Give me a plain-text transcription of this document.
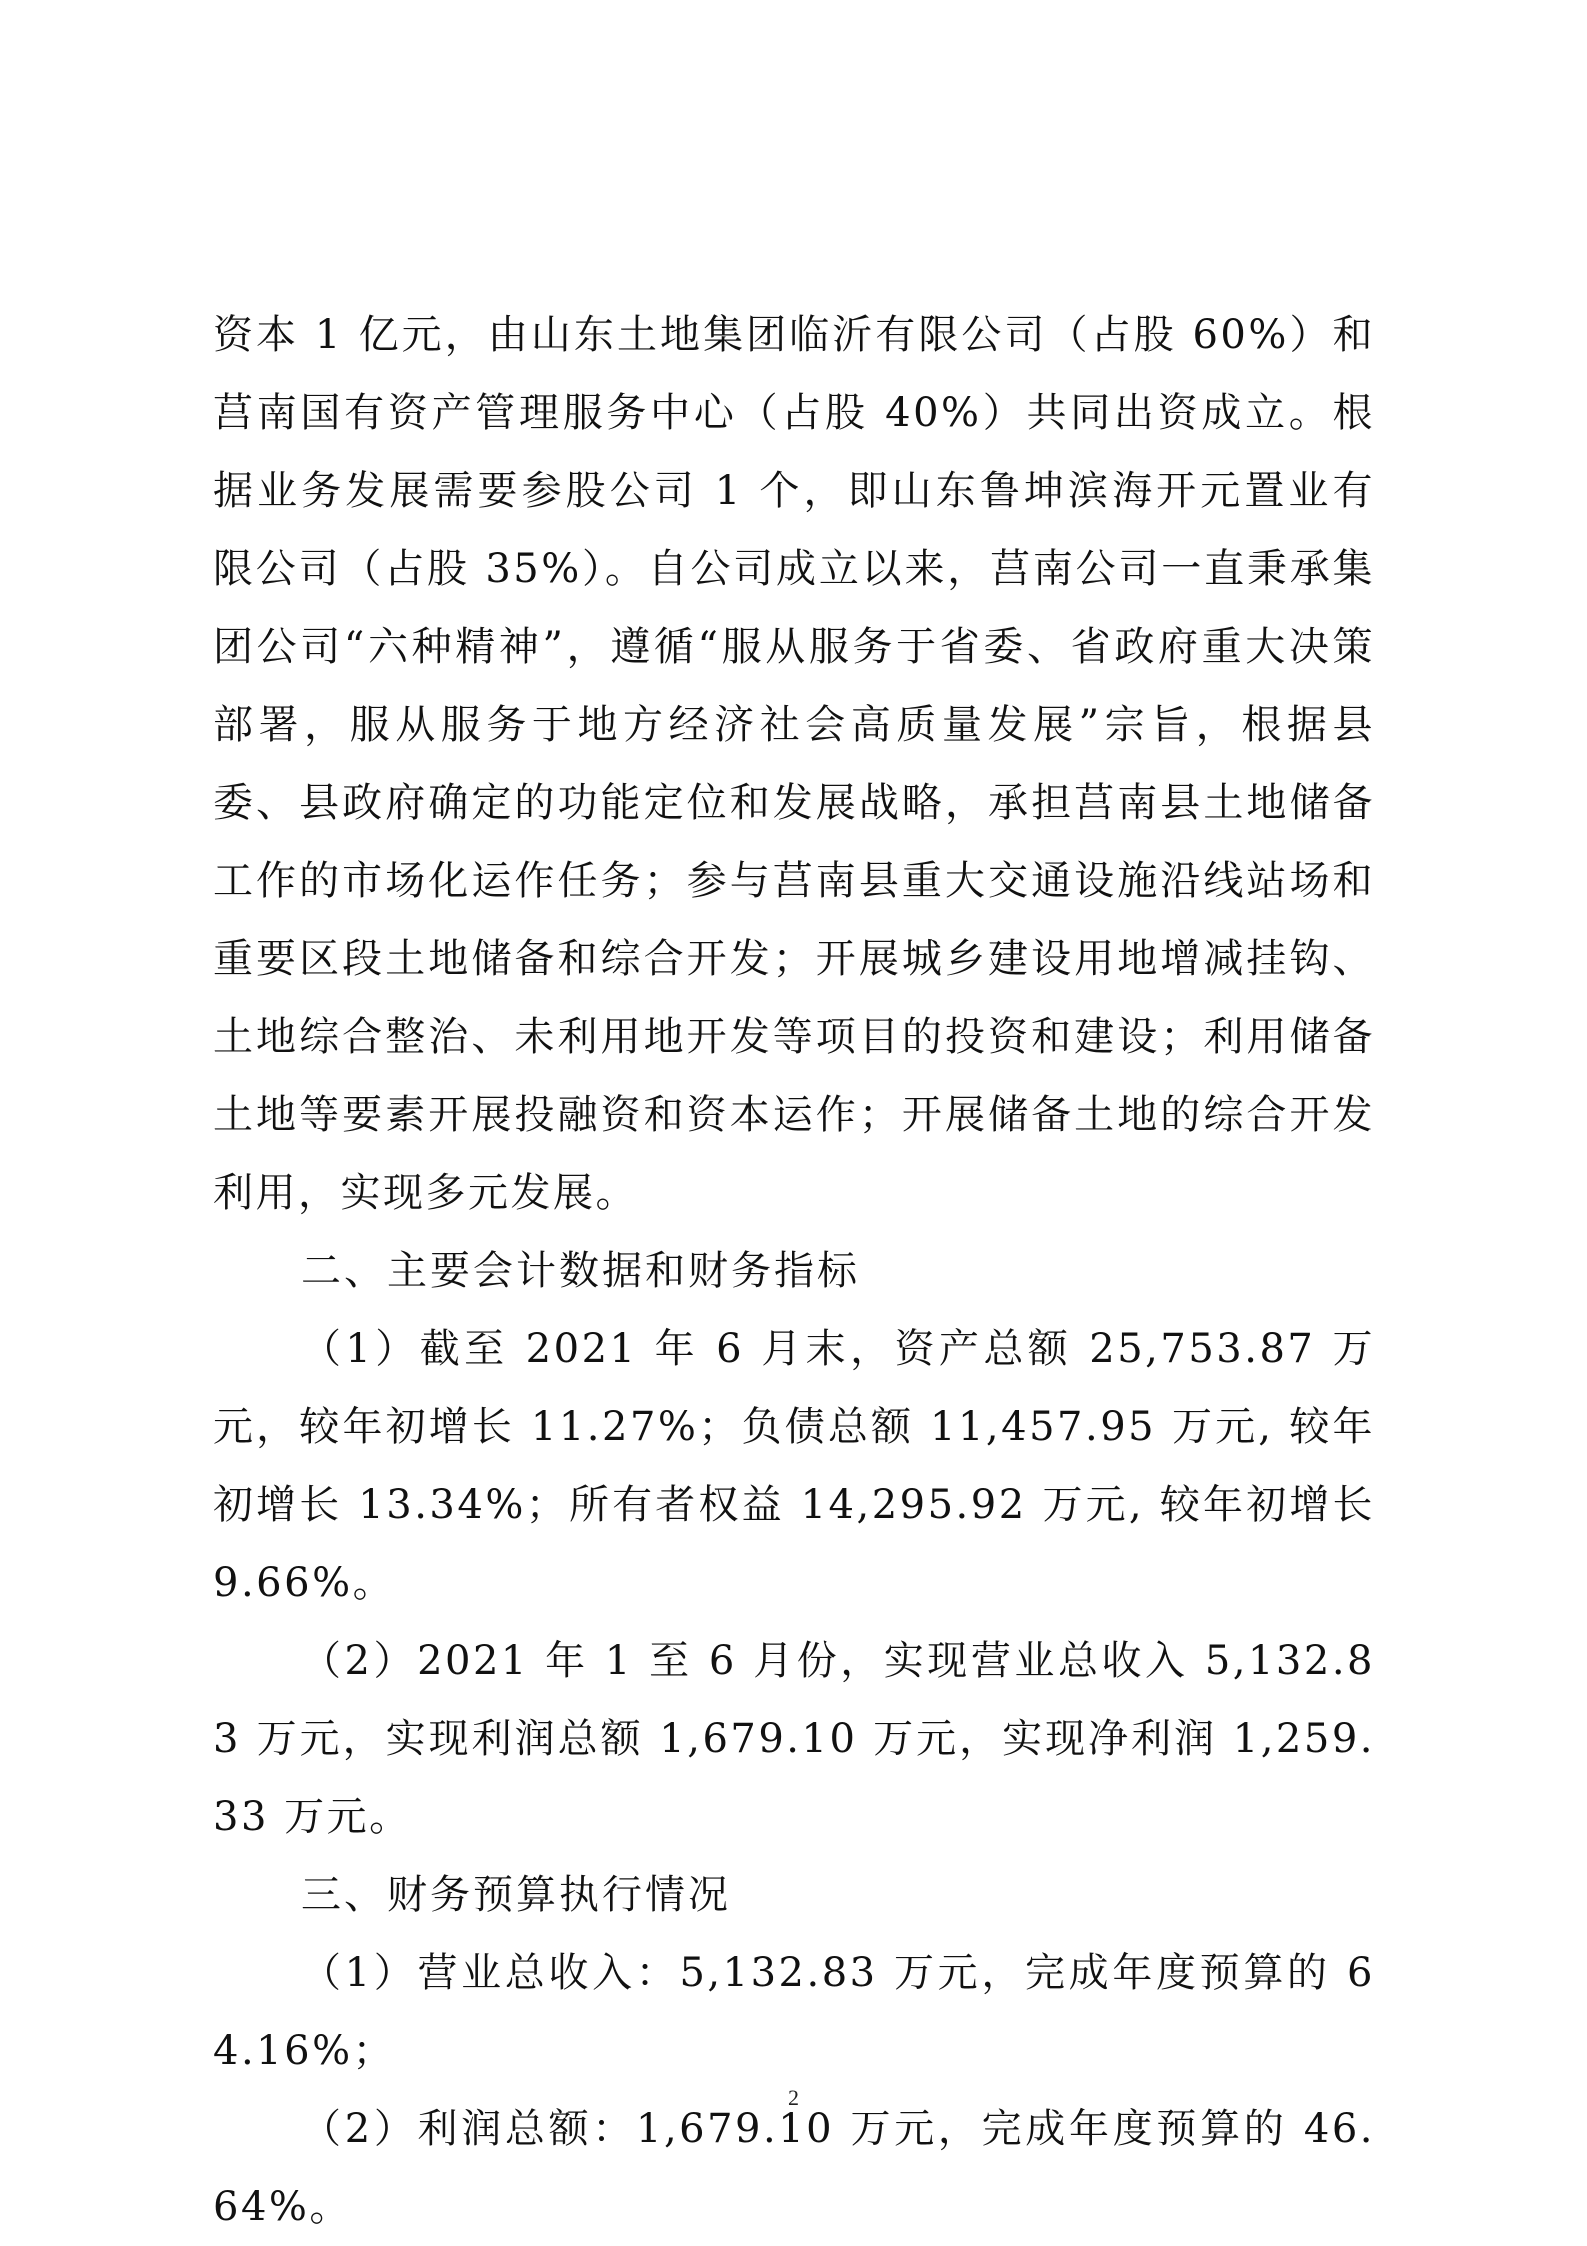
资本 1 亿元，由山东土地集团临沂有限公司（占股 60%）和莒南国有资产管理服务中心（占股 40%）共同出资成立。根据业务发展需要参股公司 1 个，即山东鲁坤滨海开元置业有限公司（占股 35%）。自公司成立以来，莒南公司一直秉承集团公司“六种精神”，遵循“服从服务于省委、省政府重大决策部署，服从服务于地方经济社会高质量发展”宗旨，根据县委、县政府确定的功能定位和发展战略，承担莒南县土地储备工作的市场化运作任务；参与莒南县重大交通设施沿线站场和重要区段土地储备和综合开发；开展城乡建设用地增减挂钩、土地综合整治、未利用地开发等项目的投资和建设；利用储备土地等要素开展投融资和资本运作；开展储备土地的综合开发利用，实现多元发展。

二、主要会计数据和财务指标

（1）截至 2021 年 6 月末，资产总额 25,753.87 万元，较年初增长 11.27%；负债总额 11,457.95 万元, 较年初增长 13.34%；所有者权益 14,295.92 万元, 较年初增长 9.66%。

（2）2021 年 1 至 6 月份，实现营业总收入 5,132.83 万元，实现利润总额 1,679.10 万元，实现净利润 1,259.33 万元。

三、财务预算执行情况

（1）营业总收入：5,132.83 万元，完成年度预算的 64.16%；

（2）利润总额：1,679.10 万元，完成年度预算的 46.64%。

2
